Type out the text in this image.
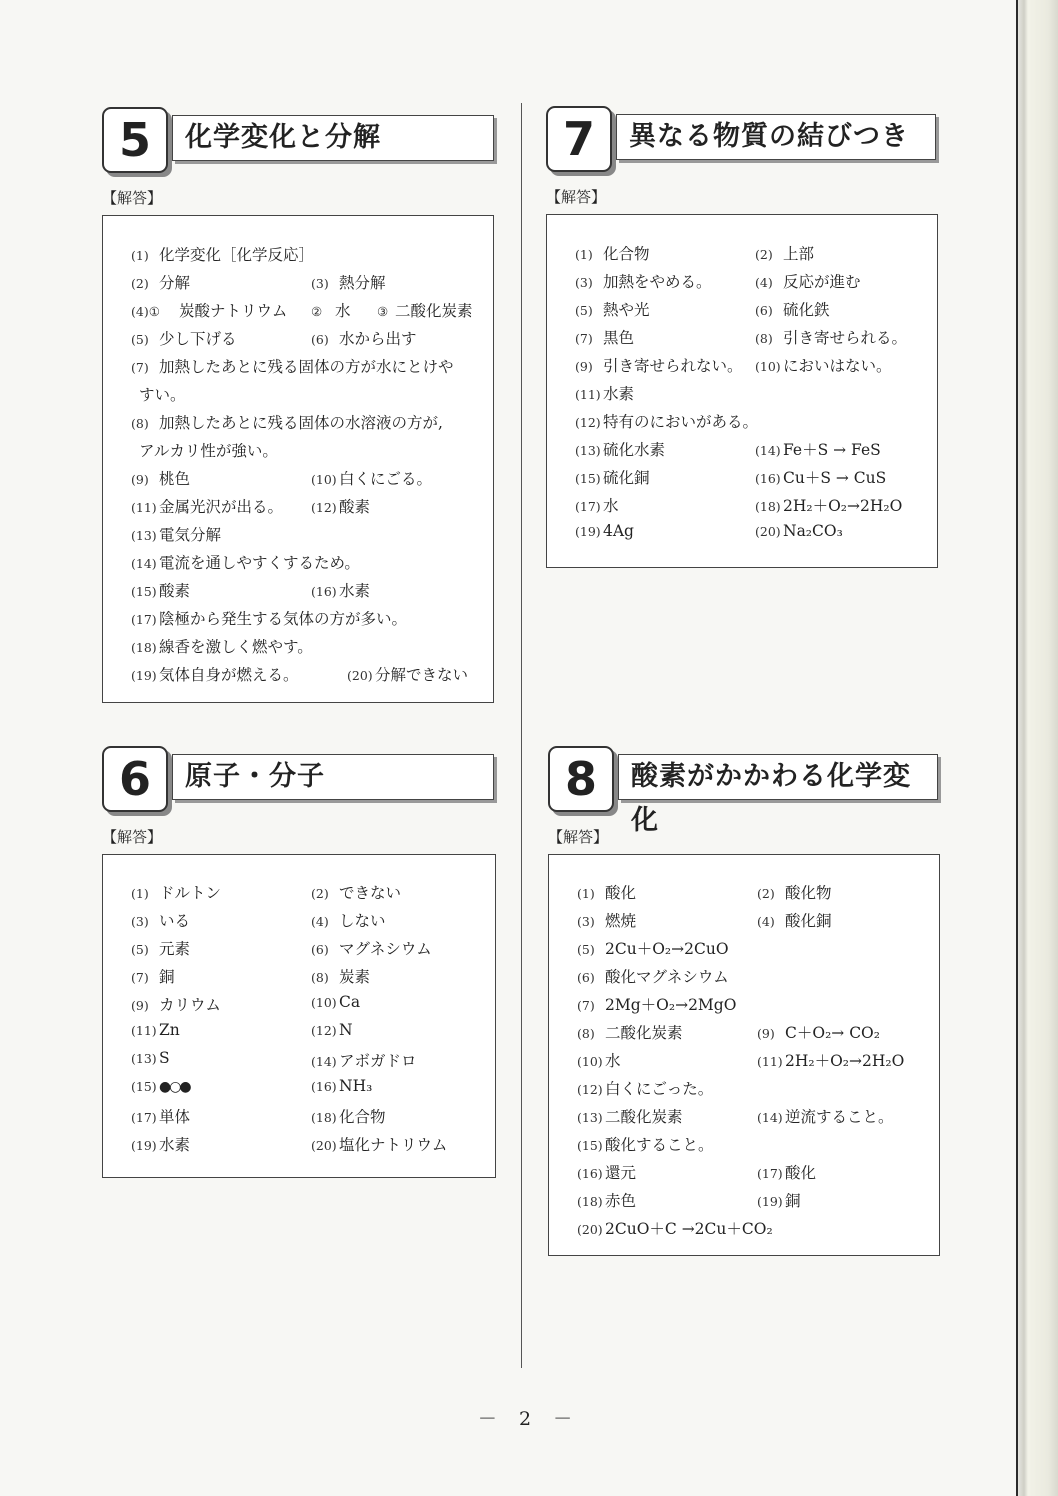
5	化学変化と分解
【解答】
(1) 化学変化［化学反応］
(2) 分解	(3) 熱分解
(4)① 炭酸ナトリウム ② 水 ③ 二酸化炭素
(5) 少し下げる	(6) 水から出す
(7) 加熱したあとに残る固体の方が水にとけや
すい。
(8) 加熱したあとに残る固体の水溶液の方が,
アルカリ性が強い。
(9) 桃色	(10) 白くにごる。
(11) 金属光沢が出る。 (12) 酸素
(13) 電気分解
(14) 電流を通しやすくするため。
(15) 酸素	(16) 水素
(17) 陰極から発生する気体の方が多い。
(18) 線香を激しく燃やす。
(19) 気体自身が燃える。	(20) 分解できない
6	原子・分子
【解答】
(1) ドルトン	(2) できない
(3) いる	(4) しない
(5) 元素	(6) マグネシウム
(7) 銅	(8) 炭素
(9) カリウム	(10) Ca
(11) Zn	(12) N
(13) S	(14) アボガドロ
(15) ●○●	(16) NH₃
(17) 単体	(18) 化合物
(19) 水素	(20) 塩化ナトリウム
7	異なる物質の結びつき
【解答】
(1) 化合物	(2) 上部
(3) 加熱をやめる。	(4) 反応が進む
(5) 熱や光	(6) 硫化鉄
(7) 黒色	(8) 引き寄せられる。
(9) 引き寄せられない。 (10) においはない。
(11) 水素
(12) 特有のにおいがある。
(13) 硫化水素	(14) Fe＋S → FeS
(15) 硫化銅	(16) Cu＋S → CuS
(17) 水	(18) 2H₂＋O₂→2H₂O
(19) 4Ag	(20) Na₂CO₃
8	酸素がかかわる化学変化
【解答】
(1) 酸化	(2) 酸化物
(3) 燃焼	(4) 酸化銅
(5) 2Cu＋O₂→2CuO
(6) 酸化マグネシウム
(7) 2Mg＋O₂→2MgO
(8) 二酸化炭素	(9) C＋O₂→ CO₂
(10) 水	(11) 2H₂＋O₂→2H₂O
(12) 白くにごった。
(13) 二酸化炭素	(14) 逆流すること。
(15) 酸化すること。
(16) 還元	(17) 酸化
(18) 赤色	(19) 銅
(20) 2CuO＋C →2Cu＋CO₂
－ 2 －
